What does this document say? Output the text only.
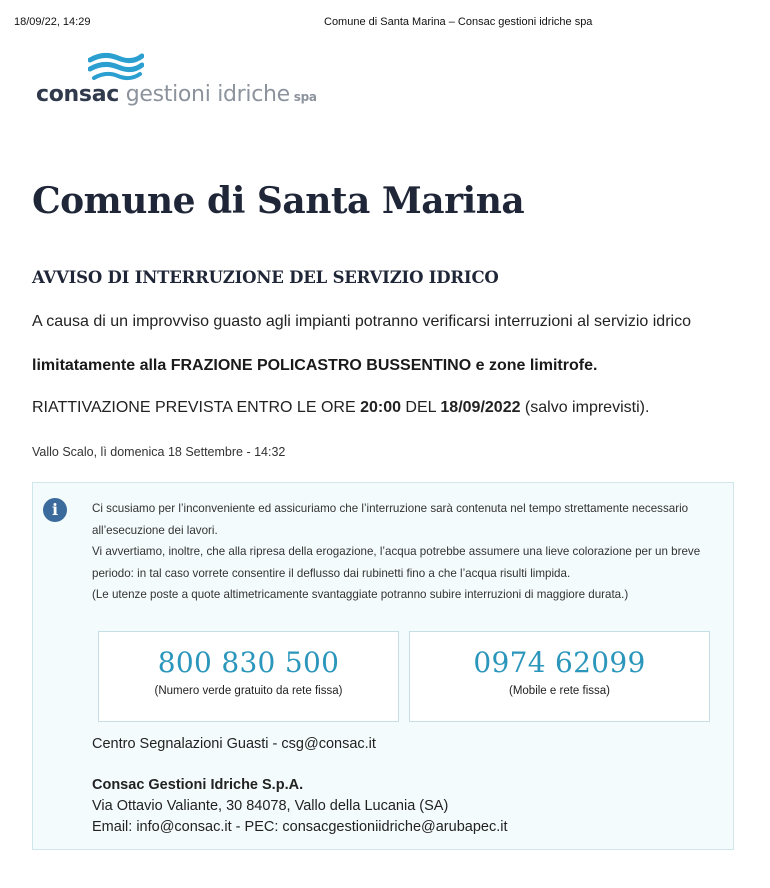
18/09/22, 14:29	Comune di Santa Marina – Consac gestioni idriche spa
consac gestioni idriche spa
Comune di Santa Marina
AVVISO DI INTERRUZIONE DEL SERVIZIO IDRICO
A causa di un improvviso guasto agli impianti potranno verificarsi interruzioni al servizio idrico
limitatamente alla FRAZIONE POLICASTRO BUSSENTINO e zone limitrofe.
RIATTIVAZIONE PREVISTA ENTRO LE ORE 20:00 DEL 18/09/2022 (salvo imprevisti).
Vallo Scalo, lì domenica 18 Settembre - 14:32
i	Ci scusiamo per l’inconveniente ed assicuriamo che l’interruzione sarà contenuta nel tempo strettamente necessario
all’esecuzione dei lavori.
Vi avvertiamo, inoltre, che alla ripresa della erogazione, l’acqua potrebbe assumere una lieve colorazione per un breve
periodo: in tal caso vorrete consentire il deflusso dai rubinetti fino a che l’acqua risulti limpida.
(Le utenze poste a quote altimetricamente svantaggiate potranno subire interruzioni di maggiore durata.)
800 830 500
(Numero verde gratuito da rete fissa)
0974 62099
(Mobile e rete fissa)
Centro Segnalazioni Guasti - csg@consac.it
Consac Gestioni Idriche S.p.A.
Via Ottavio Valiante, 30 84078, Vallo della Lucania (SA)
Email: info@consac.it - PEC: consacgestioniidriche@arubapec.it
